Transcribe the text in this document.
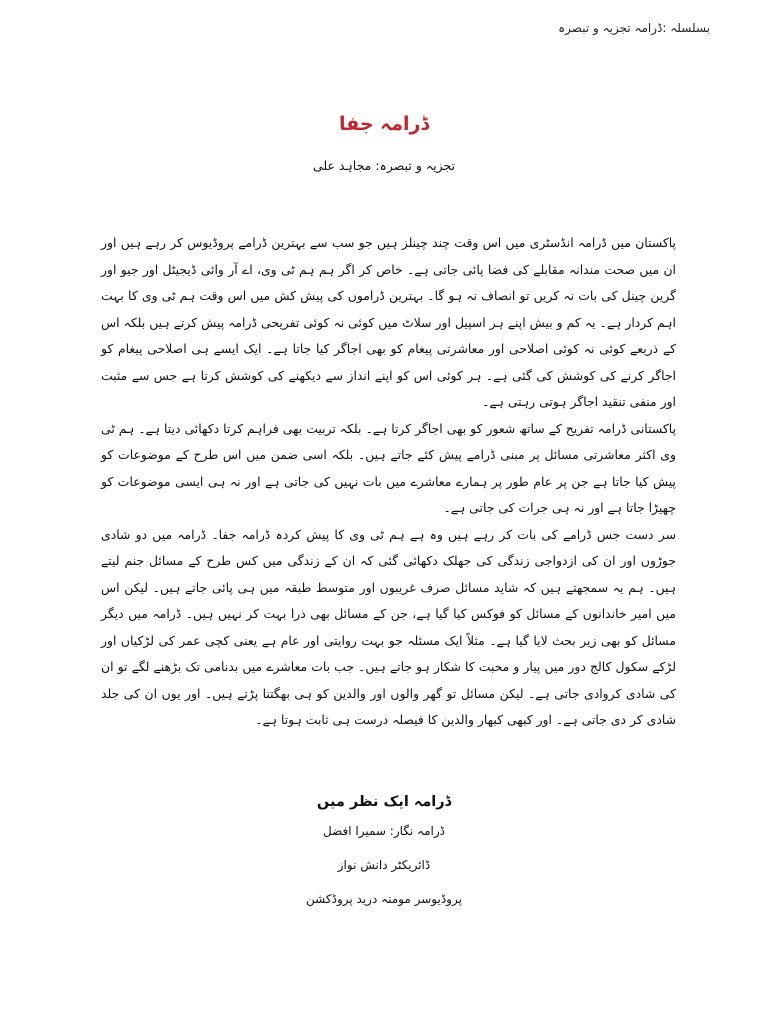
بسلسلہ :ڈرامہ تجزیہ و تبصرہ
ڈرامہ جفا
تجزیہ و تبصرہ: مجاہد علی

پاکستان میں ڈرامہ انڈسٹری میں اس وقت چند چینلز ہیں جو سب سے بہترین ڈرامے پروڈیوس کر رہے ہیں اور ان میں صحت مندانہ مقابلے کی فضا پائی جاتی ہے۔ خاص کر اگر ہم ہم ٹی وی، اے آر وائی ڈیجیٹل اور جیو اور گرین چینل کی بات نہ کریں تو انصاف نہ ہو گا۔ بہترین ڈراموں کی پیش کش میں اس وقت ہم ٹی وی کا بہت اہم کردار ہے۔ یہ کم و بیش اپنے ہر اسپیل اور سلاٹ میں کوئی نہ کوئی تفریحی ڈرامہ پیش کرتے ہیں بلکہ اس کے ذریعے کوئی نہ کوئی اصلاحی اور معاشرتی پیغام کو بھی اجاگر کیا جاتا ہے۔ ایک ایسے ہی اصلاحی پیغام کو اجاگر کرنے کی کوشش کی گئی ہے۔ ہر کوئی اس کو اپنے انداز سے دیکھنے کی کوشش کرتا ہے جس سے مثبت اور منفی تنقید اجاگر ہوتی رہتی ہے۔

پاکستانی ڈرامہ تفریح کے ساتھ شعور کو بھی اجاگر کرتا ہے۔ بلکہ تربیت بھی فراہم کرتا دکھائی دیتا ہے۔ ہم ٹی وی اکثر معاشرتی مسائل پر مبنی ڈرامے پیش کئے جاتے ہیں۔ بلکہ اسی ضمن میں اس طرح کے موضوعات کو پیش کیا جاتا ہے جن پر عام طور پر ہمارے معاشرے میں بات نہیں کی جاتی ہے اور نہ ہی ایسی موضوعات کو چھیڑا جاتا ہے اور نہ ہی جرات کی جاتی ہے۔

سر دست جس ڈرامے کی بات کر رہے ہیں وہ ہے ہم ٹی وی کا پیش کردہ ڈرامہ جفا۔ ڈرامہ میں دو شادی جوڑوں اور ان کی ازدواجی زندگی کی جھلک دکھائی گئی کہ ان کے زندگی میں کس طرح کے مسائل جنم لیتے ہیں۔ ہم یہ سمجھتے ہیں کہ شاید مسائل صرف غریبوں اور متوسط طبقہ میں ہی پائی جاتے ہیں۔ لیکن اس میں امیر خاندانوں کے مسائل کو فوکس کیا گیا ہے، جن کے مسائل بھی ذرا بہت کر نہیں ہیں۔ ڈرامہ میں دیگر مسائل کو بھی زیر بحث لایا گیا ہے۔ مثلاً ایک مسئلہ جو بہت روایتی اور عام ہے یعنی کچی عمر کی لڑکیاں اور لڑکے سکول کالج دور میں پیار و محبت کا شکار ہو جاتے ہیں۔ جب بات معاشرے میں بدنامی تک بڑھنے لگے تو ان کی شادی کروادی جاتی ہے۔ لیکن مسائل تو گھر والوں اور والدین کو ہی بھگتنا پڑتے ہیں۔ اور یوں ان کی جلد شادی کر دی جاتی ہے۔ اور کبھی کبھار والدین کا فیصلہ درست ہی ثابت ہوتا ہے۔

ڈرامہ ایک نظر میں
ڈرامہ نگار: سمیرا افضل
ڈائریکٹر دانش نواز
پروڈیوسر مومنہ درید پروڈکشن
